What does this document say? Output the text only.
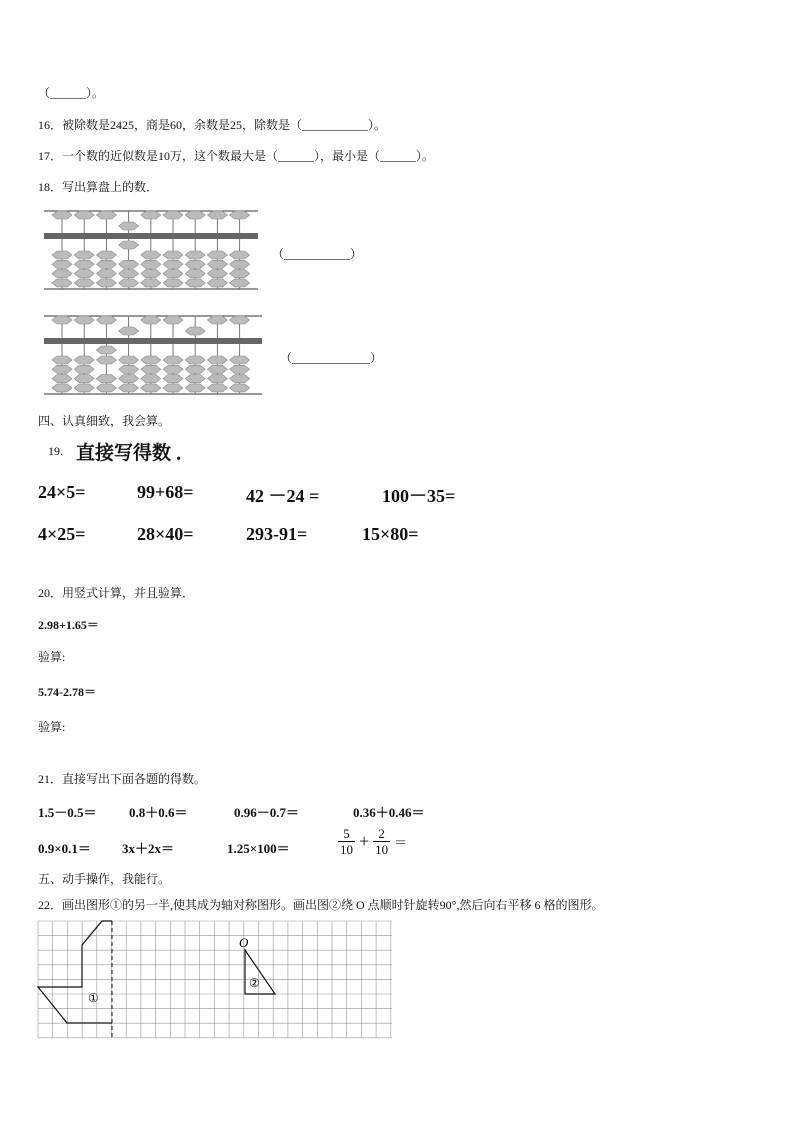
（______）。
16．被除数是2425，商是60，余数是25，除数是（___________）。
17．一个数的近似数是10万，这个数最大是（______），最小是（______）。
18．写出算盘上的数．
（___________）
（_____________）
四、认真细致，我会算。
19. 直接写得数 ．
24×5=	99+68=	42 －24 =	100－35=
4×25=	28×40=	293-91=	15×80=
20．用竖式计算，并且验算．
2.98+1.65＝
验算:
5.74-2.78＝
验算:
21．直接写出下面各题的得数。
1.5－0.5＝ 0.8＋0.6＝	0.96－0.7＝	0.36＋0.46＝
0.9×0.1＝ 3x＋2x＝	1.25×100＝	$\frac{5}{10} + \frac{2}{10}$ ＝
五、动手操作，我能行。
22．画出图形①的另一半,使其成为轴对称图形。画出图②绕 O 点顺时针旋转90°,然后向右平移 6 格的图形。
O
①
②
